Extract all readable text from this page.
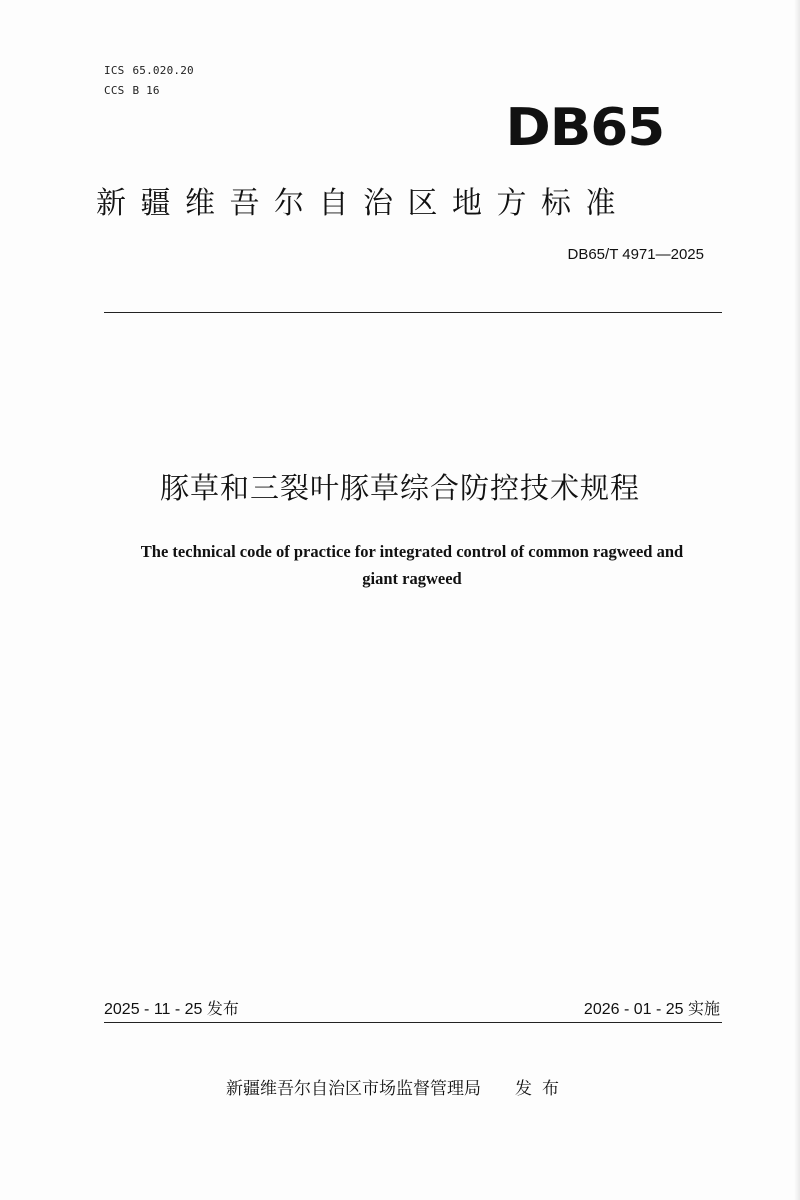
ICS 65.020.20
CCS B 16
DB65
新疆维吾尔自治区地方标准
DB65/T 4971—2025
豚草和三裂叶豚草综合防控技术规程
The technical code of practice for integrated control of common ragweed and
giant ragweed
2025 - 11 - 25 发布	2026 - 01 - 25 实施
新疆维吾尔自治区市场监督管理局 发布
